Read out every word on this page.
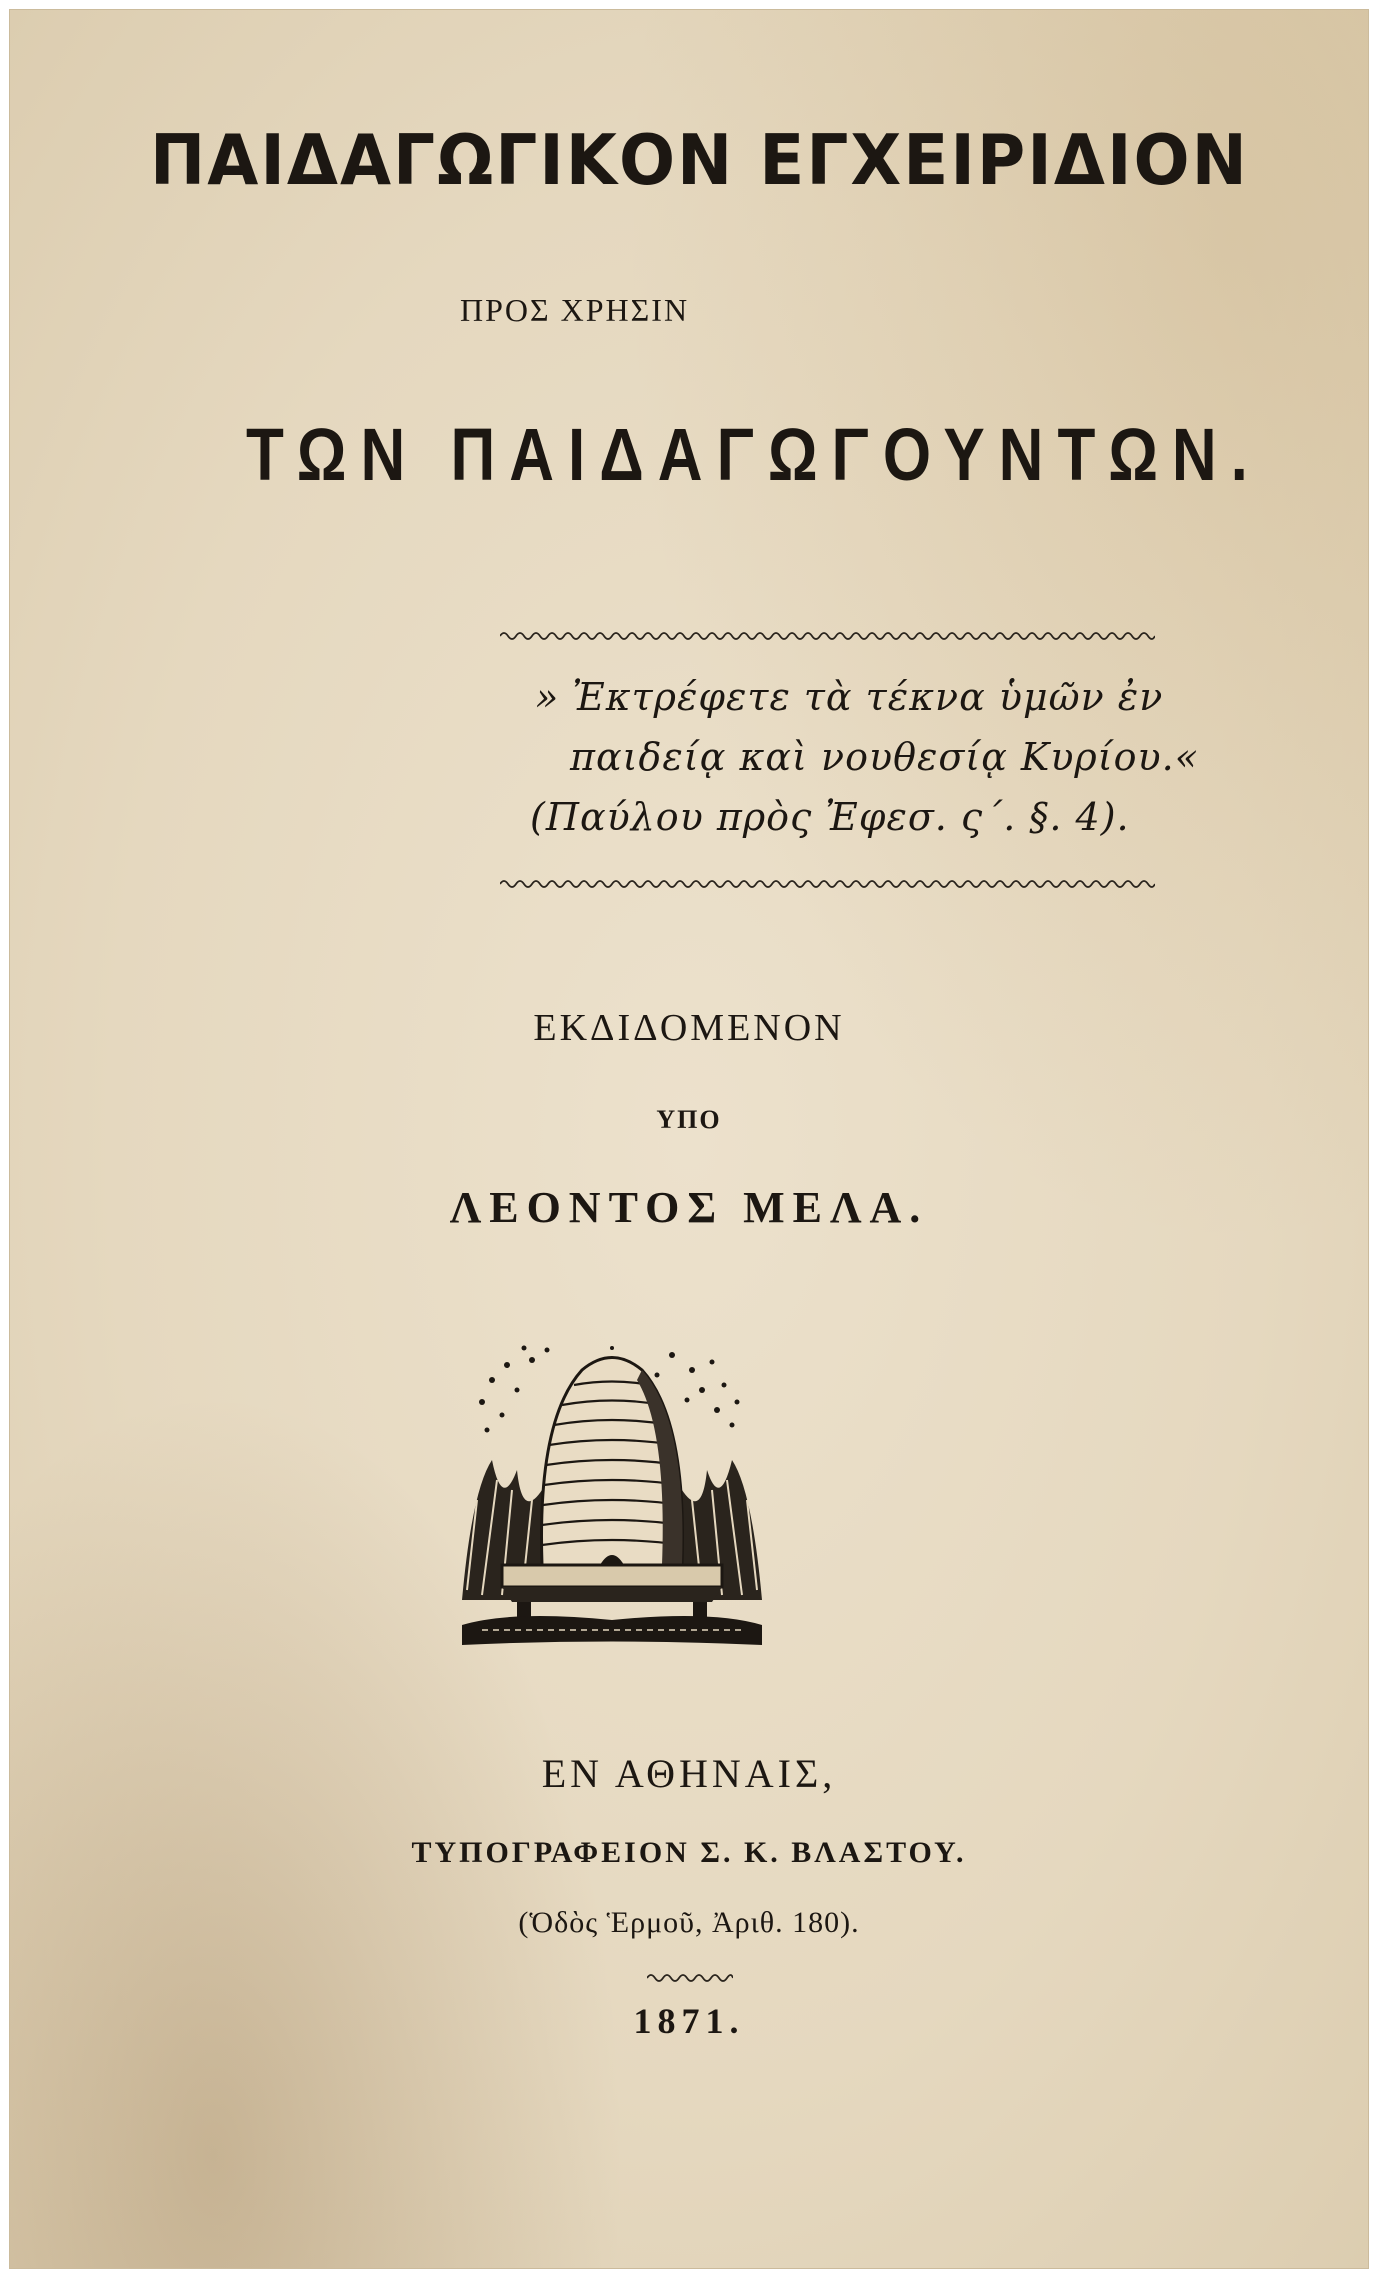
ΠΑΙΔΑΓΩΓΙΚΟΝ ΕΓΧΕΙΡΙΔΙΟΝ
ΠΡΟΣ ΧΡΗΣΙΝ
ΤΩΝ ΠΑΙΔΑΓΩΓΟΥΝΤΩΝ.
» Ἐκτρέφετε τὰ τέκνα ὑμῶν ἐν
παιδείᾳ καὶ νουθεσίᾳ Κυρίου.«
(Παύλου πρὸς Ἐφεσ. ς΄. §. 4).
ΕΚΔΙΔΟΜΕΝΟΝ
ΥΠΟ
ΛΕΟΝΤΟΣ ΜΕΛΑ.
ΕΝ ΑΘΗΝΑΙΣ,
ΤΥΠΟΓΡΑΦΕΙΟΝ Σ. Κ. ΒΛΑΣΤΟΥ.
(Ὁδὸς Ἑρμοῦ, Ἀριθ. 180).
1871.
